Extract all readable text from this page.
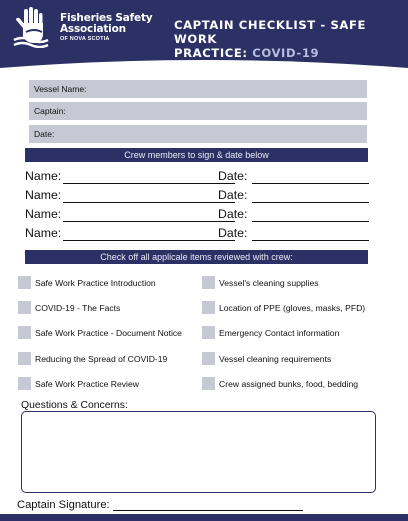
Fisheries Safety
Association
OF NOVA SCOTIA
CAPTAIN CHECKLIST - SAFE WORK
PRACTICE: COVID-19
Vessel Name:
Captain:
Date:
Crew members to sign & date below
Name:	Date:
Name:	Date:
Name:	Date:
Name:	Date:
Check off all applicale items reviewed with crew:
Safe Work Practice Introduction
COVID-19 - The Facts
Safe Work Practice - Document Notice
Reducing the Spread of COVID-19
Safe Work Practice Review
Vessel's cleaning supplies
Location of PPE (gloves, masks, PFD)
Emergency Contact information
Vessel cleaning requirements
Crew assigned bunks, food, bedding
Questions & Concerns:
Captain Signature:
